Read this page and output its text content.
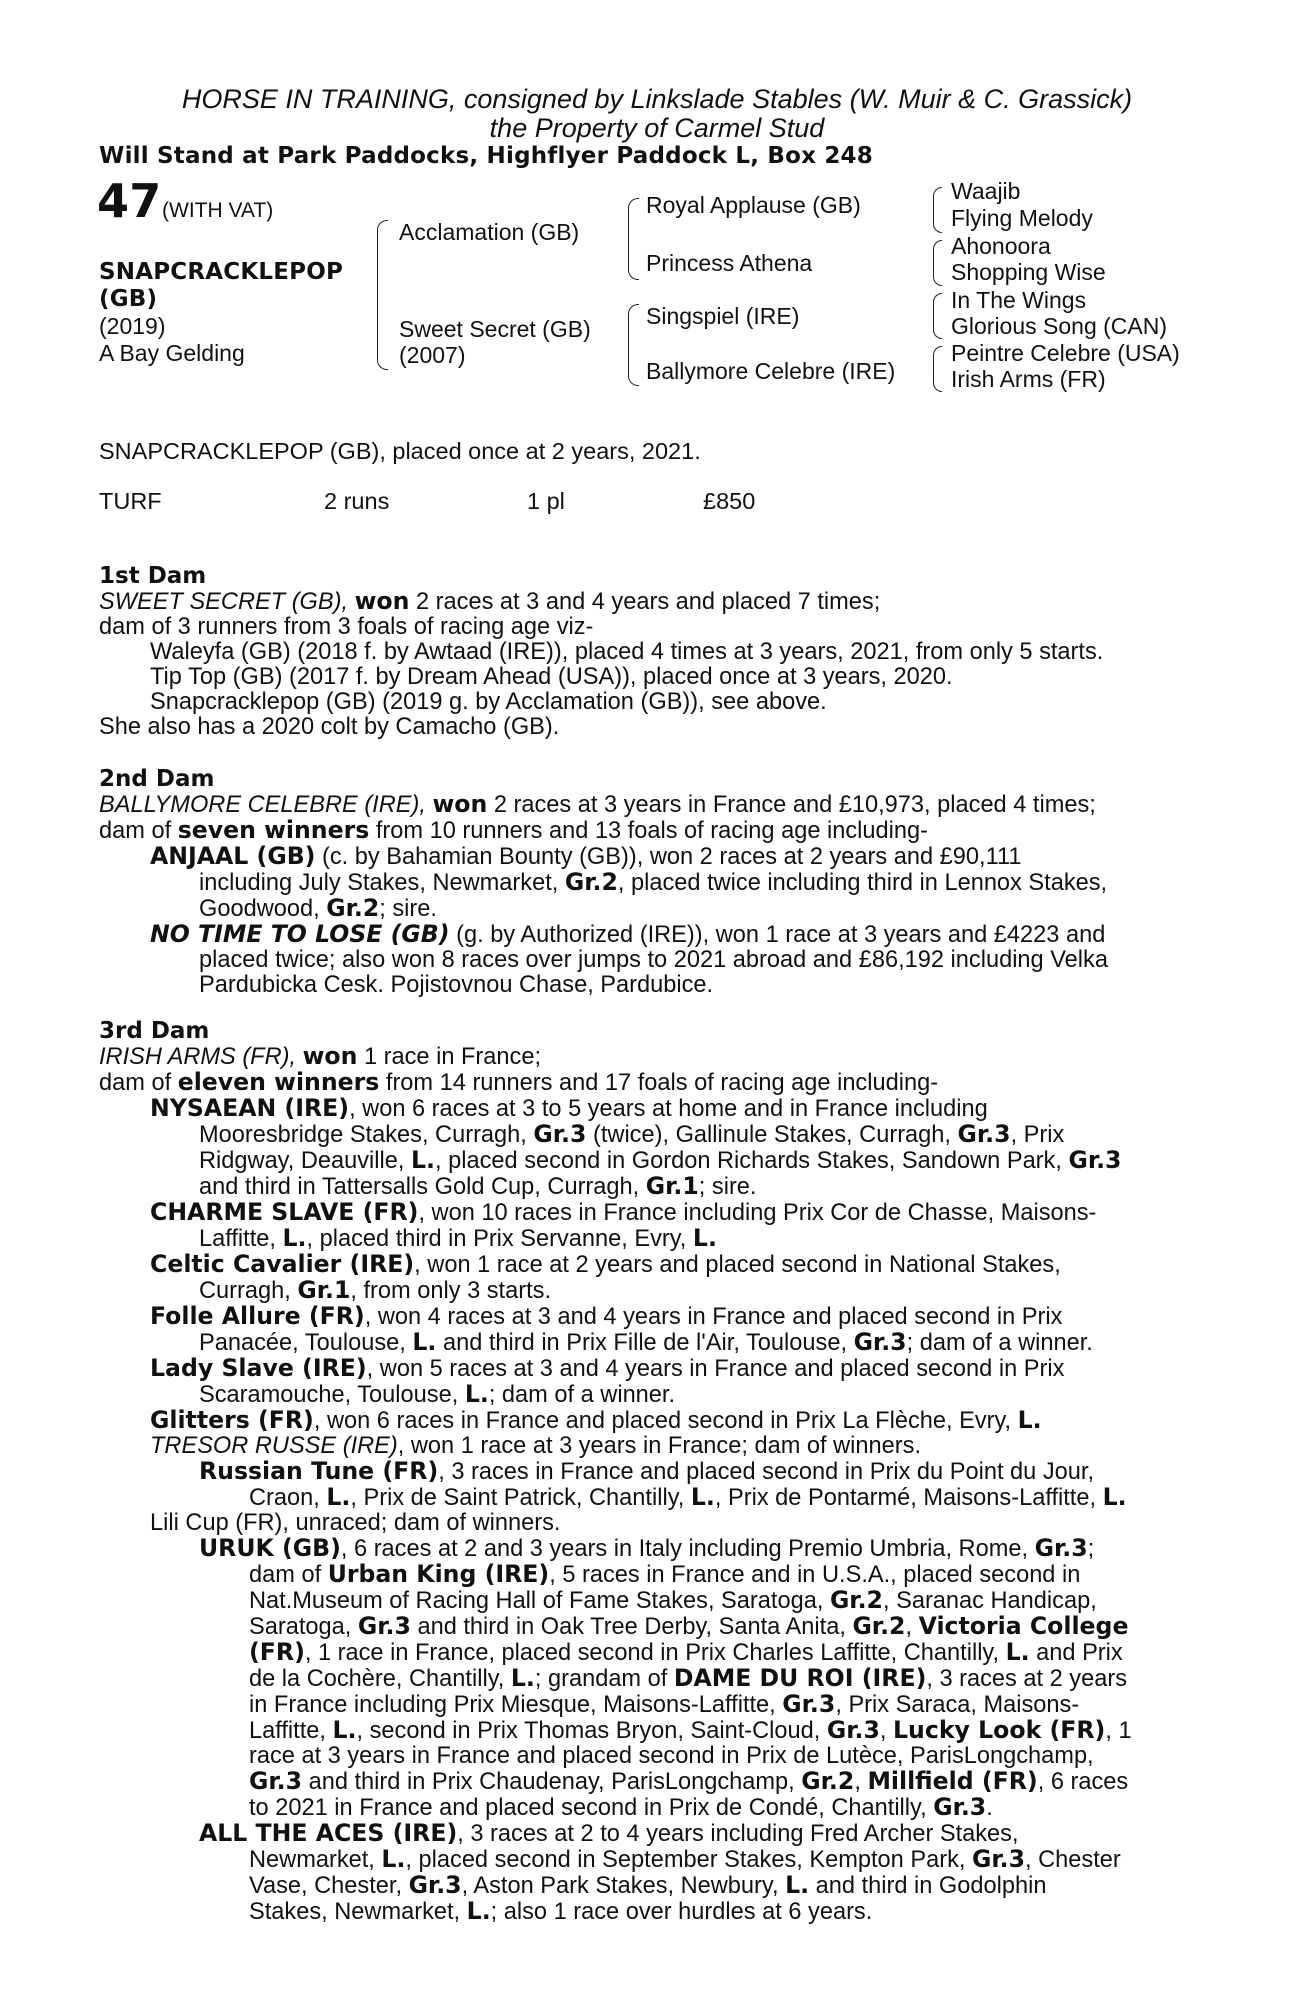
HORSE IN TRAINING, consigned by Linkslade Stables (W. Muir & C. Grassick)
the Property of Carmel Stud
Will Stand at Park Paddocks, Highflyer Paddock L, Box 248
47 (WITH VAT)
SNAPCRACKLEPOP
(GB)
(2019)
A Bay Gelding
Acclamation (GB)
Sweet Secret (GB)
(2007)
Royal Applause (GB)
Princess Athena
Singspiel (IRE)
Ballymore Celebre (IRE)
Waajib
Flying Melody
Ahonoora
Shopping Wise
In The Wings
Glorious Song (CAN)
Peintre Celebre (USA)
Irish Arms (FR)
SNAPCRACKLEPOP (GB), placed once at 2 years, 2021.
TURF	2 runs	1 pl	£850
1st Dam
SWEET SECRET (GB), won 2 races at 3 and 4 years and placed 7 times;
dam of 3 runners from 3 foals of racing age viz-
Waleyfa (GB) (2018 f. by Awtaad (IRE)), placed 4 times at 3 years, 2021, from only 5 starts.
Tip Top (GB) (2017 f. by Dream Ahead (USA)), placed once at 3 years, 2020.
Snapcracklepop (GB) (2019 g. by Acclamation (GB)), see above.
She also has a 2020 colt by Camacho (GB).
2nd Dam
BALLYMORE CELEBRE (IRE), won 2 races at 3 years in France and £10,973, placed 4 times;
dam of seven winners from 10 runners and 13 foals of racing age including-
ANJAAL (GB) (c. by Bahamian Bounty (GB)), won 2 races at 2 years and £90,111
including July Stakes, Newmarket, Gr.2, placed twice including third in Lennox Stakes,
Goodwood, Gr.2; sire.
NO TIME TO LOSE (GB) (g. by Authorized (IRE)), won 1 race at 3 years and £4223 and
placed twice; also won 8 races over jumps to 2021 abroad and £86,192 including Velka
Pardubicka Cesk. Pojistovnou Chase, Pardubice.
3rd Dam
IRISH ARMS (FR), won 1 race in France;
dam of eleven winners from 14 runners and 17 foals of racing age including-
NYSAEAN (IRE), won 6 races at 3 to 5 years at home and in France including
Mooresbridge Stakes, Curragh, Gr.3 (twice), Gallinule Stakes, Curragh, Gr.3, Prix
Ridgway, Deauville, L., placed second in Gordon Richards Stakes, Sandown Park, Gr.3
and third in Tattersalls Gold Cup, Curragh, Gr.1; sire.
CHARME SLAVE (FR), won 10 races in France including Prix Cor de Chasse, Maisons-
Laffitte, L., placed third in Prix Servanne, Evry, L.
Celtic Cavalier (IRE), won 1 race at 2 years and placed second in National Stakes,
Curragh, Gr.1, from only 3 starts.
Folle Allure (FR), won 4 races at 3 and 4 years in France and placed second in Prix
Panacée, Toulouse, L. and third in Prix Fille de l'Air, Toulouse, Gr.3; dam of a winner.
Lady Slave (IRE), won 5 races at 3 and 4 years in France and placed second in Prix
Scaramouche, Toulouse, L.; dam of a winner.
Glitters (FR), won 6 races in France and placed second in Prix La Flèche, Evry, L.
TRESOR RUSSE (IRE), won 1 race at 3 years in France; dam of winners.
Russian Tune (FR), 3 races in France and placed second in Prix du Point du Jour,
Craon, L., Prix de Saint Patrick, Chantilly, L., Prix de Pontarmé, Maisons-Laffitte, L.
Lili Cup (FR), unraced; dam of winners.
URUK (GB), 6 races at 2 and 3 years in Italy including Premio Umbria, Rome, Gr.3;
dam of Urban King (IRE), 5 races in France and in U.S.A., placed second in
Nat.Museum of Racing Hall of Fame Stakes, Saratoga, Gr.2, Saranac Handicap,
Saratoga, Gr.3 and third in Oak Tree Derby, Santa Anita, Gr.2, Victoria College
(FR), 1 race in France, placed second in Prix Charles Laffitte, Chantilly, L. and Prix
de la Cochère, Chantilly, L.; grandam of DAME DU ROI (IRE), 3 races at 2 years
in France including Prix Miesque, Maisons-Laffitte, Gr.3, Prix Saraca, Maisons-
Laffitte, L., second in Prix Thomas Bryon, Saint-Cloud, Gr.3, Lucky Look (FR), 1
race at 3 years in France and placed second in Prix de Lutèce, ParisLongchamp,
Gr.3 and third in Prix Chaudenay, ParisLongchamp, Gr.2, Millfield (FR), 6 races
to 2021 in France and placed second in Prix de Condé, Chantilly, Gr.3.
ALL THE ACES (IRE), 3 races at 2 to 4 years including Fred Archer Stakes,
Newmarket, L., placed second in September Stakes, Kempton Park, Gr.3, Chester
Vase, Chester, Gr.3, Aston Park Stakes, Newbury, L. and third in Godolphin
Stakes, Newmarket, L.; also 1 race over hurdles at 6 years.
